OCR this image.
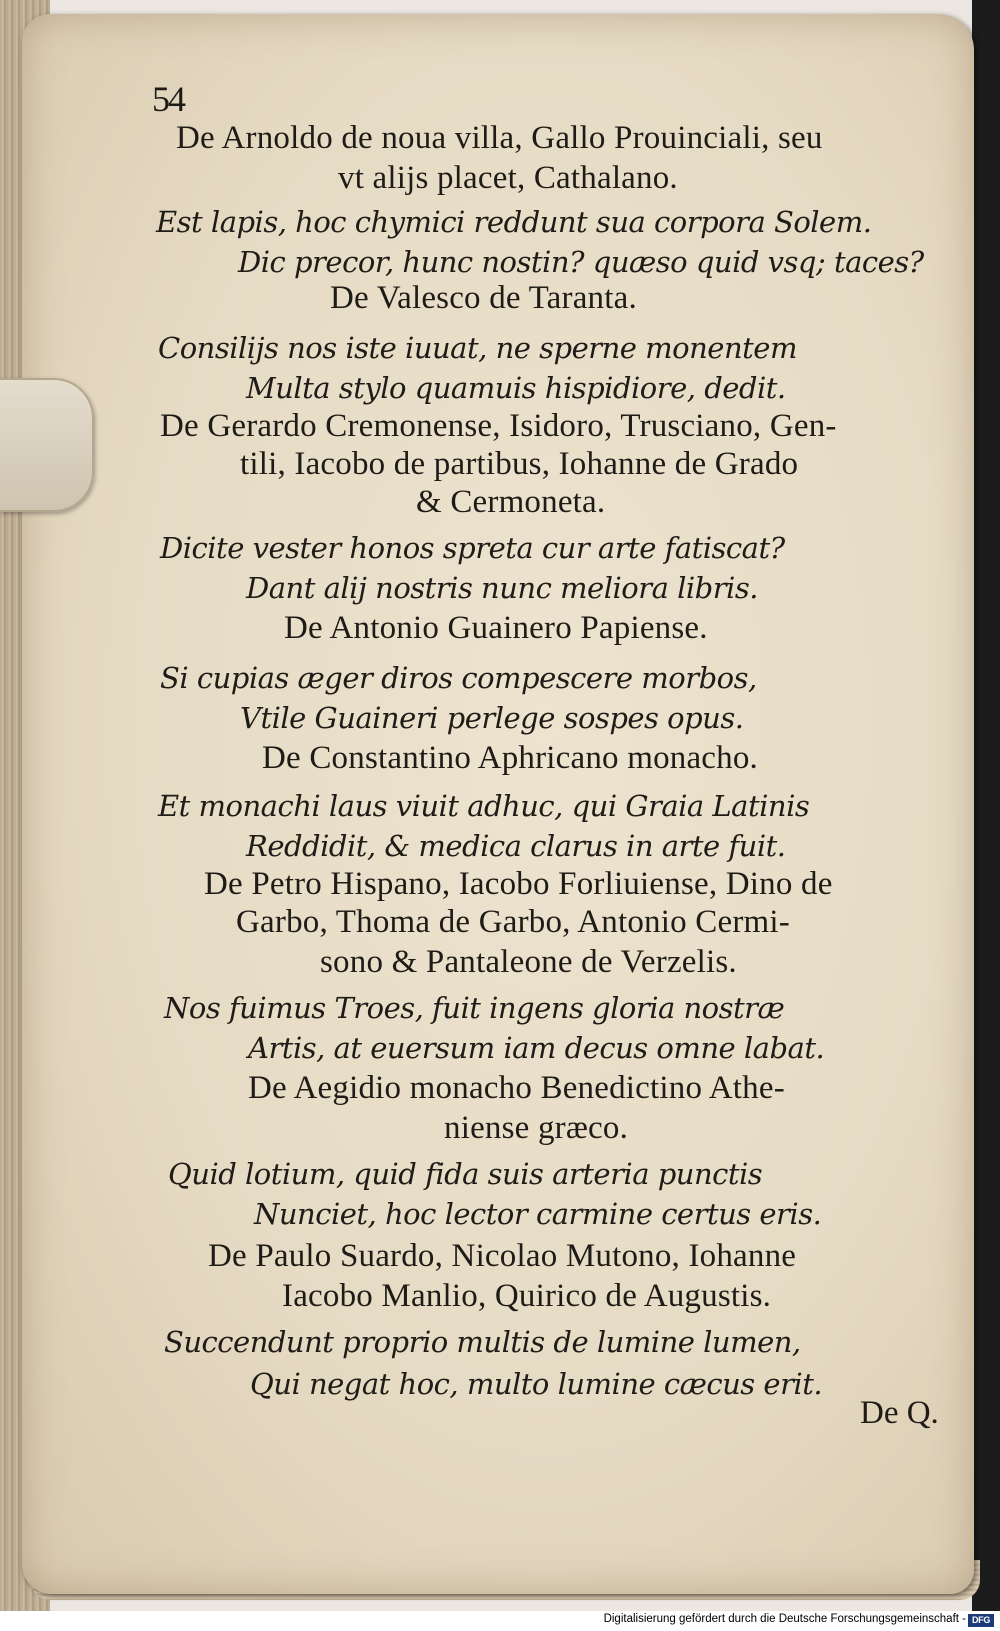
54
De Arnoldo de noua villa, Gallo Prouinciali, seu
vt alijs placet, Cathalano.
Est lapis, hoc chymici reddunt sua corpora Solem.
Dic precor, hunc nostin? quæso quid vsq; taces?
De Valesco de Taranta.
Consilijs nos iste iuuat, ne sperne monentem
Multa stylo quamuis hispidiore, dedit.
De Gerardo Cremonense, Isidoro, Trusciano, Gen-
tili, Iacobo de partibus, Iohanne de Grado
& Cermoneta.
Dicite vester honos spreta cur arte fatiscat?
Dant alij nostris nunc meliora libris.
De Antonio Guainero Papiense.
Si cupias æger diros compescere morbos,
Vtile Guaineri perlege sospes opus.
De Constantino Aphricano monacho.
Et monachi laus viuit adhuc, qui Graia Latinis
Reddidit, & medica clarus in arte fuit.
De Petro Hispano, Iacobo Forliuiense, Dino de
Garbo, Thoma de Garbo, Antonio Cermi-
sono & Pantaleone de Verzelis.
Nos fuimus Troes, fuit ingens gloria nostræ
Artis, at euersum iam decus omne labat.
De Aegidio monacho Benedictino Athe-
niense græco.
Quid lotium, quid fida suis arteria punctis
Nunciet, hoc lector carmine certus eris.
De Paulo Suardo, Nicolao Mutono, Iohanne
Iacobo Manlio, Quirico de Augustis.
Succendunt proprio multis de lumine lumen,
Qui negat hoc, multo lumine cæcus erit.
De Q.
Digitalisierung gefördert durch die Deutsche Forschungsgemeinschaft - DFG
